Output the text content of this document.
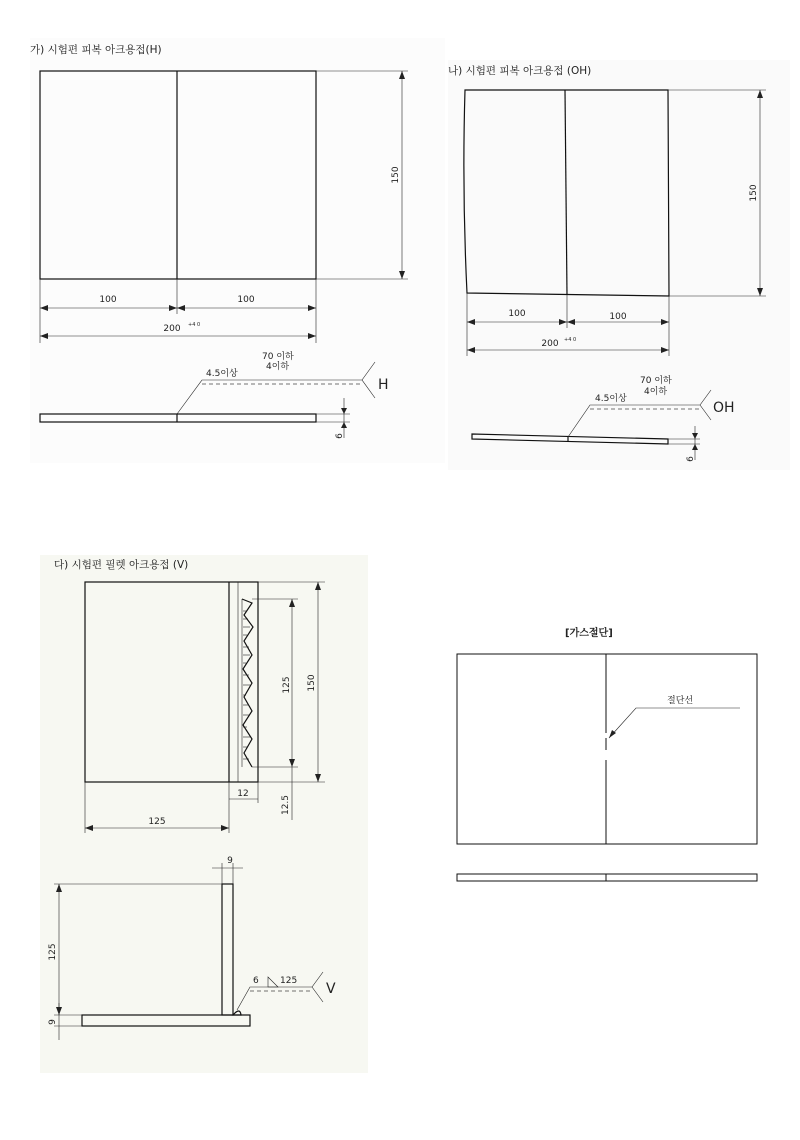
가) 시험편 피복 아크용접(H)
150
100	100
200 +4 0
4.5이상
70 이하
4이하
H
6
나) 시험편 피복 아크용접 (OH)
150
100	100
200 +4 0
4.5이상
70 이하
4이하
OH
6
다) 시험편 필렛 아크용접 (V)
125 150
12
12.5
125
9
125
9
6 125 V
[가스절단]
절단선
